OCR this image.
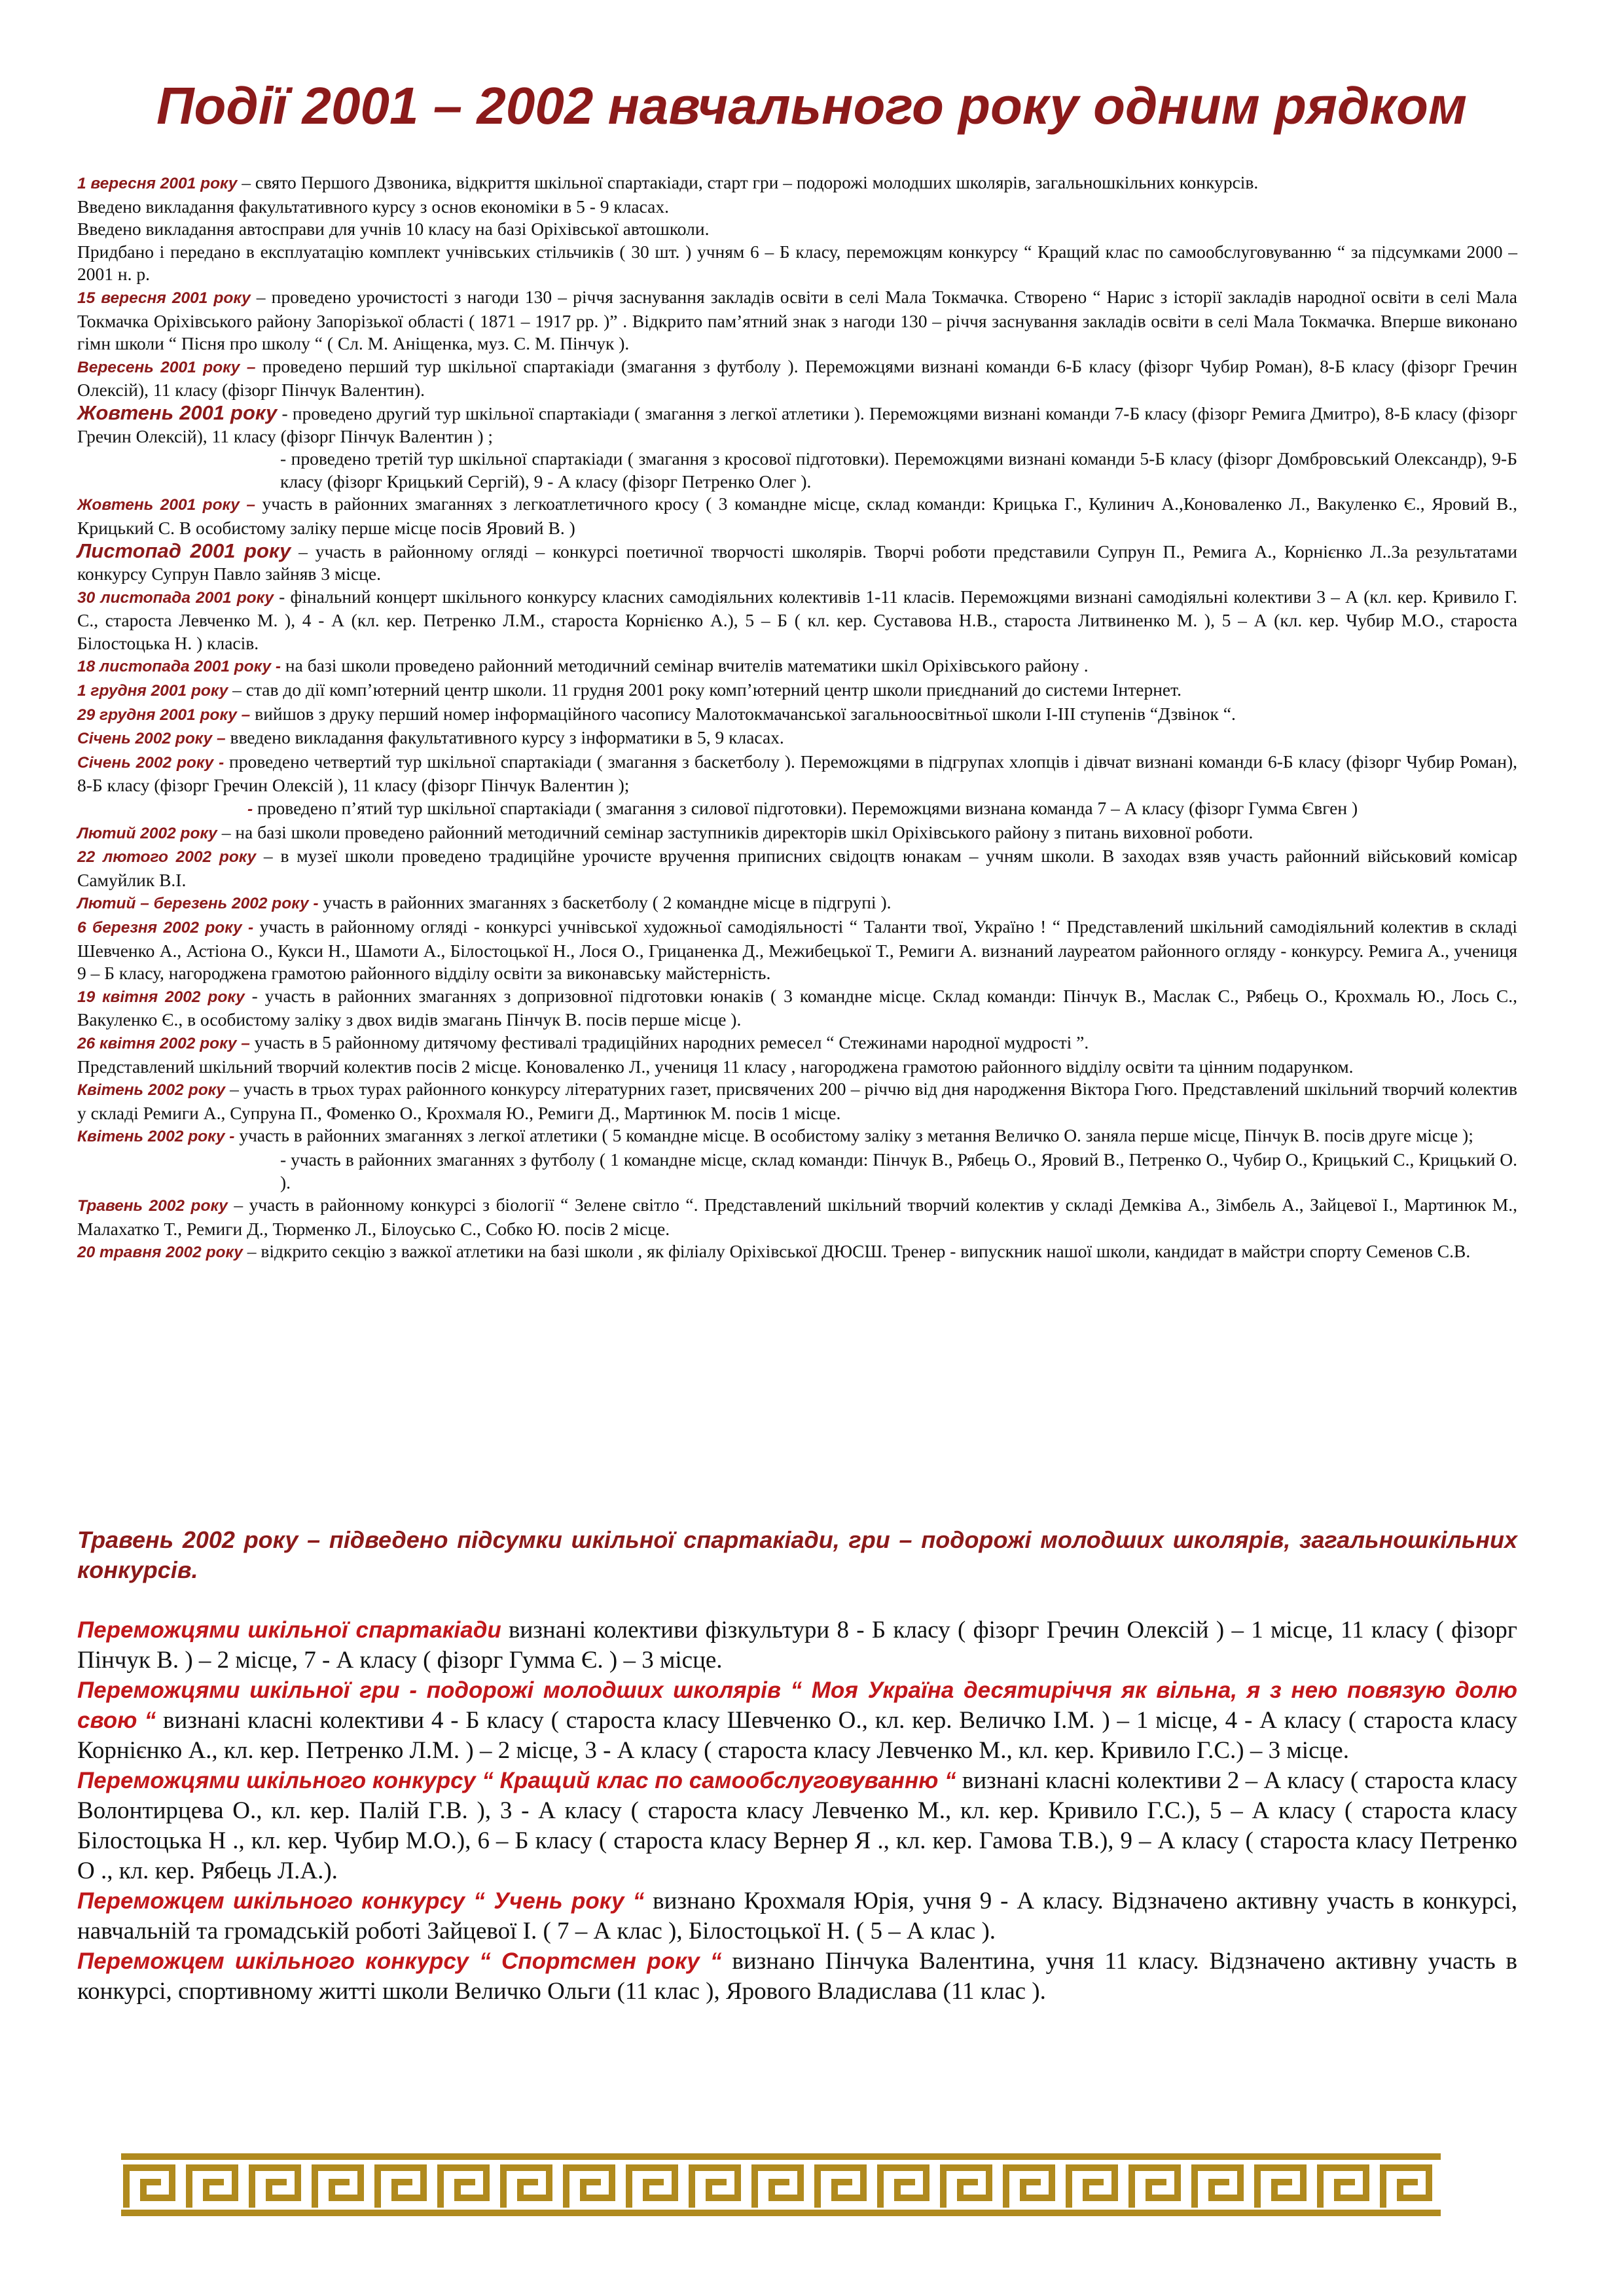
Події 2001 – 2002 навчального року одним рядком

1 вересня 2001 року – свято Першого Дзвоника, відкриття шкільної спартакіади, старт гри – подорожі молодших школярів, загальношкільних конкурсів.

Введено викладання факультативного курсу з основ економіки в 5 - 9 класах.

Введено викладання автосправи для учнів 10 класу на базі Оріхівської автошколи.

Придбано і передано в експлуатацію комплект учнівських стільчиків ( 30 шт. ) учням 6 – Б класу, переможцям конкурсу “ Кращий клас по самообслуговуванню “ за підсумками 2000 – 2001 н. р.

15 вересня 2001 року – проведено урочистості з нагоди 130 – річчя заснування закладів освіти в селі Мала Токмачка. Створено “ Нарис з історії закладів народної освіти в селі Мала Токмачка Оріхівського району Запорізької області ( 1871 – 1917 рр. )” . Відкрито пам’ятний знак з нагоди 130 – річчя заснування закладів освіти в селі Мала Токмачка. Вперше виконано гімн школи “ Пісня про школу “ ( Сл. М. Аніщенка, муз. С. М. Пінчук ).

Вересень 2001 року – проведено перший тур шкільної спартакіади (змагання з футболу ). Переможцями визнані команди 6-Б класу (фізорг Чубир Роман), 8-Б класу (фізорг Гречин Олексій), 11 класу (фізорг Пінчук Валентин).

Жовтень 2001 року - проведено другий тур шкільної спартакіади ( змагання з легкої атлетики ). Переможцями визнані команди 7-Б класу (фізорг Ремига Дмитро), 8-Б класу (фізорг Гречин Олексій), 11 класу (фізорг Пінчук Валентин ) ;

- проведено третій тур шкільної спартакіади ( змагання з кросової підготовки). Переможцями визнані команди 5-Б класу (фізорг Домбровський Олександр), 9-Б класу (фізорг Крицький Сергій), 9 - А класу (фізорг Петренко Олег ).

Жовтень 2001 року – участь в районних змаганнях з легкоатлетичного кросу ( 3 командне місце, склад команди: Крицька Г., Кулинич А.,Коноваленко Л., Вакуленко Є., Яровий В., Крицький С. В особистому заліку перше місце посів Яровий В. )

Листопад 2001 року – участь в районному огляді – конкурсі поетичної творчості школярів. Творчі роботи представили Супрун П., Ремига А., Корнієнко Л..За результатами конкурсу Супрун Павло зайняв 3 місце.

30 листопада 2001 року - фінальний концерт шкільного конкурсу класних самодіяльних колективів 1-11 класів. Переможцями визнані самодіяльні колективи 3 – А (кл. кер. Кривило Г. С., староста Левченко М. ), 4 - А (кл. кер. Петренко Л.М., староста Корнієнко А.), 5 – Б ( кл. кер. Суставова Н.В., староста Литвиненко М. ), 5 – А (кл. кер. Чубир М.О., староста Білостоцька Н. ) класів.

18 листопада 2001 року - на базі школи проведено районний методичний семінар вчителів математики шкіл Оріхівського району .

1 грудня 2001 року – став до дії комп’ютерний центр школи. 11 грудня 2001 року комп’ютерний центр школи приєднаний до системи Інтернет.

29 грудня 2001 року – вийшов з друку перший номер інформаційного часопису Малотокмачанської загальноосвітньої школи І-ІІІ ступенів “Дзвінок “.

Січень 2002 року – введено викладання факультативного курсу з інформатики в 5, 9 класах.

Січень 2002 року - проведено четвертий тур шкільної спартакіади ( змагання з баскетболу ). Переможцями в підгрупах хлопців і дівчат визнані команди 6-Б класу (фізорг Чубир Роман), 8-Б класу (фізорг Гречин Олексій ), 11 класу (фізорг Пінчук Валентин );

- проведено п’ятий тур шкільної спартакіади ( змагання з силової підготовки). Переможцями визнана команда 7 – А класу (фізорг Гумма Євген )

Лютий 2002 року – на базі школи проведено районний методичний семінар заступників директорів шкіл Оріхівського району з питань виховної роботи.

22 лютого 2002 року – в музеї школи проведено традиційне урочисте вручення приписних свідоцтв юнакам – учням школи. В заходах взяв участь районний військовий комісар Самуйлик В.І.

Лютий – березень 2002 року - участь в районних змаганнях з баскетболу ( 2 командне місце в підгрупі ).

6 березня 2002 року - участь в районному огляді - конкурсі учнівської художньої самодіяльності “ Таланти твої, Україно ! “ Представлений шкільний самодіяльний колектив в складі Шевченко А., Астіона О., Кукси Н., Шамоти А., Білостоцької Н., Лося О., Грицаненка Д., Межибецької Т., Ремиги А. визнаний лауреатом районного огляду - конкурсу. Ремига А., учениця 9 – Б класу, нагороджена грамотою районного відділу освіти за виконавську майстерність.

19 квітня 2002 року - участь в районних змаганнях з допризовної підготовки юнаків ( 3 командне місце. Склад команди: Пінчук В., Маслак С., Рябець О., Крохмаль Ю., Лось С., Вакуленко Є., в особистому заліку з двох видів змагань Пінчук В. посів перше місце ).

26 квітня 2002 року – участь в 5 районному дитячому фестивалі традиційних народних ремесел “ Стежинами народної мудрості ”.

Представлений шкільний творчий колектив посів 2 місце. Коноваленко Л., учениця 11 класу , нагороджена грамотою районного відділу освіти та цінним подарунком.

Квітень 2002 року – участь в трьох турах районного конкурсу літературних газет, присвячених 200 – річчю від дня народження Віктора Гюго. Представлений шкільний творчий колектив у складі Ремиги А., Супруна П., Фоменко О., Крохмаля Ю., Ремиги Д., Мартинюк М. посів 1 місце.

Квітень 2002 року - участь в районних змаганнях з легкої атлетики ( 5 командне місце. В особистому заліку з метання Величко О. заняла перше місце, Пінчук В. посів друге місце );

- участь в районних змаганнях з футболу ( 1 командне місце, склад команди: Пінчук В., Рябець О., Яровий В., Петренко О., Чубир О., Крицький С., Крицький О. ).

Травень 2002 року – участь в районному конкурсі з біології “ Зелене світло “. Представлений шкільний творчий колектив у складі Демківа А., Зімбель А., Зайцевої І., Мартинюк М., Малахатко Т., Ремиги Д., Тюрменко Л., Білоусько С., Собко Ю. посів 2 місце.

20 травня 2002 року – відкрито секцію з важкої атлетики на базі школи , як філіалу Оріхівської ДЮСШ. Тренер - випускник нашої школи, кандидат в майстри спорту Семенов С.В.

Травень 2002 року – підведено підсумки шкільної спартакіади, гри – подорожі молодших школярів, загальношкільних конкурсів.

Переможцями шкільної спартакіади визнані колективи фізкультури 8 - Б класу ( фізорг Гречин Олексій ) – 1 місце, 11 класу ( фізорг Пінчук В. ) – 2 місце, 7 - А класу ( фізорг Гумма Є. ) – 3 місце.

Переможцями шкільної гри - подорожі молодших школярів “ Моя Україна десятиріччя як вільна, я з нею повязую долю свою “ визнані класні колективи 4 - Б класу ( староста класу Шевченко О., кл. кер. Величко І.М. ) – 1 місце, 4 - А класу ( староста класу Корнієнко А., кл. кер. Петренко Л.М. ) – 2 місце, 3 - А класу ( староста класу Левченко М., кл. кер. Кривило Г.С.) – 3 місце.

Переможцями шкільного конкурсу “ Кращий клас по самообслуговуванню “ визнані класні колективи 2 – А класу ( староста класу Волонтирцева О., кл. кер. Палій Г.В. ), 3 - А класу ( староста класу Левченко М., кл. кер. Кривило Г.С.), 5 – А класу ( староста класу Білостоцька Н ., кл. кер. Чубир М.О.), 6 – Б класу ( староста класу Вернер Я ., кл. кер. Гамова Т.В.), 9 – А класу ( староста класу Петренко О ., кл. кер. Рябець Л.А.).

Переможцем шкільного конкурсу “ Учень року “ визнано Крохмаля Юрія, учня 9 - А класу. Відзначено активну участь в конкурсі, навчальній та громадській роботі Зайцевої І. ( 7 – А клас ), Білостоцької Н. ( 5 – А клас ).

Переможцем шкільного конкурсу “ Спортсмен року “ визнано Пінчука Валентина, учня 11 класу. Відзначено активну участь в конкурсі, спортивному житті школи Величко Ольги (11 клас ), Ярового Владислава (11 клас ).
